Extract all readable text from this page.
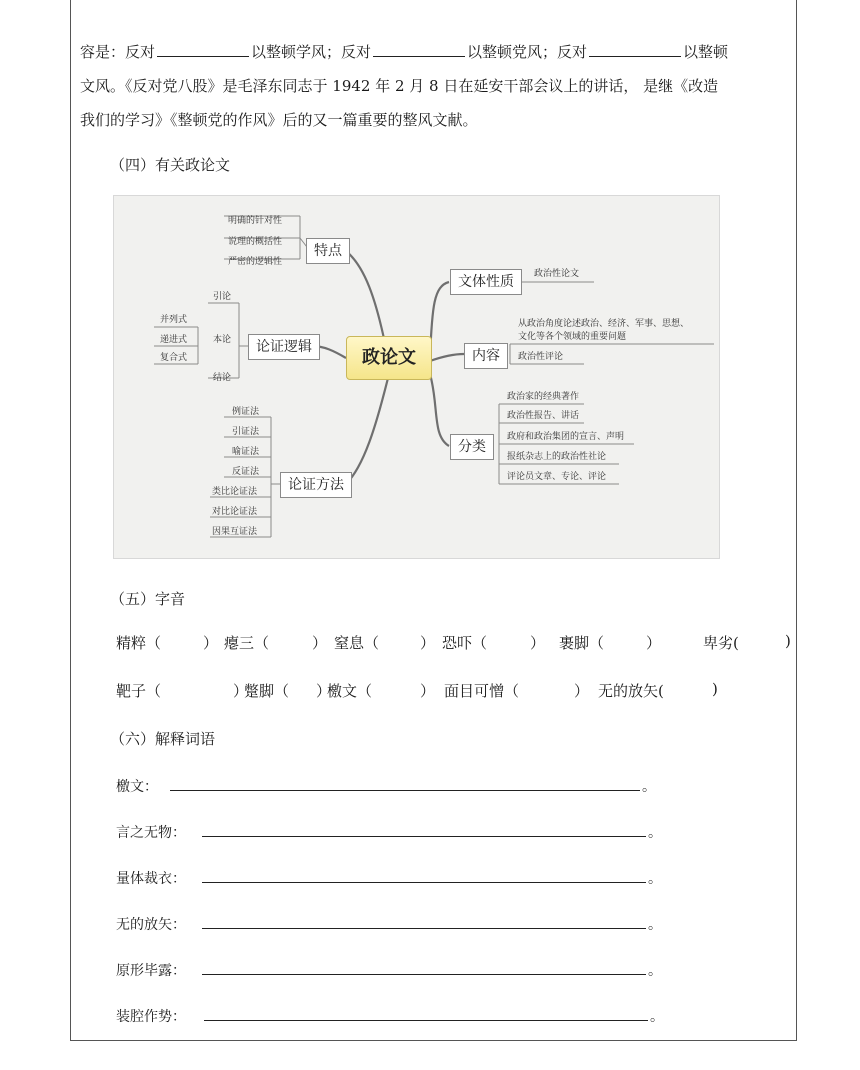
容是：反对	以整顿学风；反对	以整顿党风；反对	以整顿
文风。《反对党八股》是毛泽东同志于 1942 年 2 月 8 日在延安干部会议上的讲话， 是继《改造
我们的学习》《整顿党的作风》后的又一篇重要的整风文献。
（四）有关政论文
政论文
特点
明确的针对性
说理的概括性
严密的逻辑性
论证逻辑
引论
本论
结论
并列式
递进式
复合式
论证方法
例证法
引证法
喻证法
反证法
类比论证法
对比论证法
因果互证法
文体性质	政治性论文
内容
从政治角度论述政治、经济、军事、思想、
文化等各个领域的重要问题
政治性评论
分类
政治家的经典著作
政治性报告、讲话
政府和政治集团的宣言、声明
报纸杂志上的政治性社论
评论员文章、专论、评论
（五）字音
精粹（	） 瘪三（	） 窒息（	） 恐吓（	） 裹脚（	）	卑劣(	)
靶子（	）
蹩脚（ ）
檄文（	） 面目可憎（	） 无的放矢(	)
（六）解释词语
檄文：	。
言之无物：	。
量体裁衣：	。
无的放矢：	。
原形毕露：	。
装腔作势：	。
